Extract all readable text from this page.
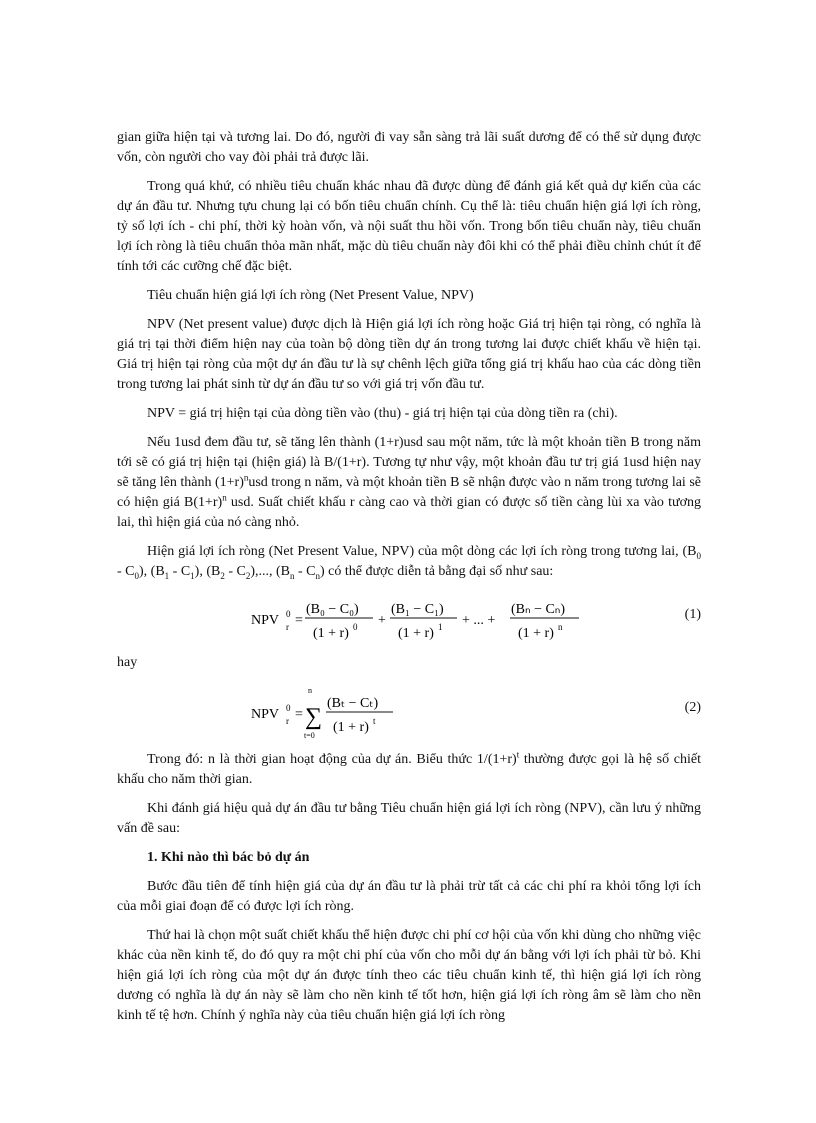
gian giữa hiện tại và tương lai. Do đó, người đi vay sẵn sàng trả lãi suất dương để có thể sử dụng được vốn, còn người cho vay đòi phải trả được lãi.

Trong quá khứ, có nhiều tiêu chuẩn khác nhau đã được dùng để đánh giá kết quả dự kiến của các dự án đầu tư. Nhưng tựu chung lại có bốn tiêu chuẩn chính. Cụ thể là: tiêu chuẩn hiện giá lợi ích ròng, tỷ số lợi ích - chi phí, thời kỳ hoàn vốn, và nội suất thu hồi vốn. Trong bốn tiêu chuẩn này, tiêu chuẩn lợi ích ròng là tiêu chuẩn thỏa mãn nhất, mặc dù tiêu chuẩn này đôi khi có thể phải điều chỉnh chút ít để tính tới các cưỡng chế đặc biệt.

Tiêu chuẩn hiện giá lợi ích ròng (Net Present Value, NPV)

NPV (Net present value) được dịch là Hiện giá lợi ích ròng hoặc Giá trị hiện tại ròng, có nghĩa là giá trị tại thời điểm hiện nay của toàn bộ dòng tiền dự án trong tương lai được chiết khấu về hiện tại. Giá trị hiện tại ròng của một dự án đầu tư là sự chênh lệch giữa tổng giá trị khấu hao của các dòng tiền trong tương lai phát sinh từ dự án đầu tư so với giá trị vốn đầu tư.

NPV = giá trị hiện tại của dòng tiền vào (thu) - giá trị hiện tại của dòng tiền ra (chi).

Nếu 1usd đem đầu tư, sẽ tăng lên thành (1+r)usd sau một năm, tức là một khoản tiền B trong năm tới sẽ có giá trị hiện tại (hiện giá) là B/(1+r). Tương tự như vậy, một khoản đầu tư trị giá 1usd hiện nay sẽ tăng lên thành $(1+r)^nusd$ trong n năm, và một khoản tiền B sẽ nhận được vào n năm trong tương lai sẽ có hiện giá $B(1+r)^n$ usd. Suất chiết khấu r càng cao và thời gian có được số tiền càng lùi xa vào tương lai, thì hiện giá của nó càng nhỏ.

Hiện giá lợi ích ròng (Net Present Value, NPV) của một dòng các lợi ích ròng trong tương lai, $(B_0 - C_0)$, $(B_1 - C_1)$, $(B_2 - C_2)$,..., $(B_n - C_n)$ có thể được diễn tả bằng đại số như sau:

NPV 0
r =
(B₀ − C₀)
(1 + r) 0 +
(B₁ − C₁)
(1 + r) 1 + ... +
(Bₙ − Cₙ)
(1 + r) n
(1)

hay

NPV 0
r =
n
∑
t=0
(Bₜ − Cₜ)
(1 + r) t
(2)

Trong đó: n là thời gian hoạt động của dự án. Biểu thức $1/(1+r)^t$ thường được gọi là hệ số chiết khấu cho năm thời gian.

Khi đánh giá hiệu quả dự án đầu tư bằng Tiêu chuẩn hiện giá lợi ích ròng (NPV), cần lưu ý những vấn đề sau:

1. Khi nào thì bác bỏ dự án

Bước đầu tiên để tính hiện giá của dự án đầu tư là phải trừ tất cả các chi phí ra khỏi tổng lợi ích của mỗi giai đoạn để có được lợi ích ròng.

Thứ hai là chọn một suất chiết khấu thể hiện được chi phí cơ hội của vốn khi dùng cho những việc khác của nền kinh tế, do đó quy ra một chi phí của vốn cho mỗi dự án bằng với lợi ích phải từ bỏ. Khi hiện giá lợi ích ròng của một dự án được tính theo các tiêu chuẩn kinh tế, thì hiện giá lợi ích ròng dương có nghĩa là dự án này sẽ làm cho nền kinh tế tốt hơn, hiện giá lợi ích ròng âm sẽ làm cho nền kinh tế tệ hơn. Chính ý nghĩa này của tiêu chuẩn hiện giá lợi ích ròng
